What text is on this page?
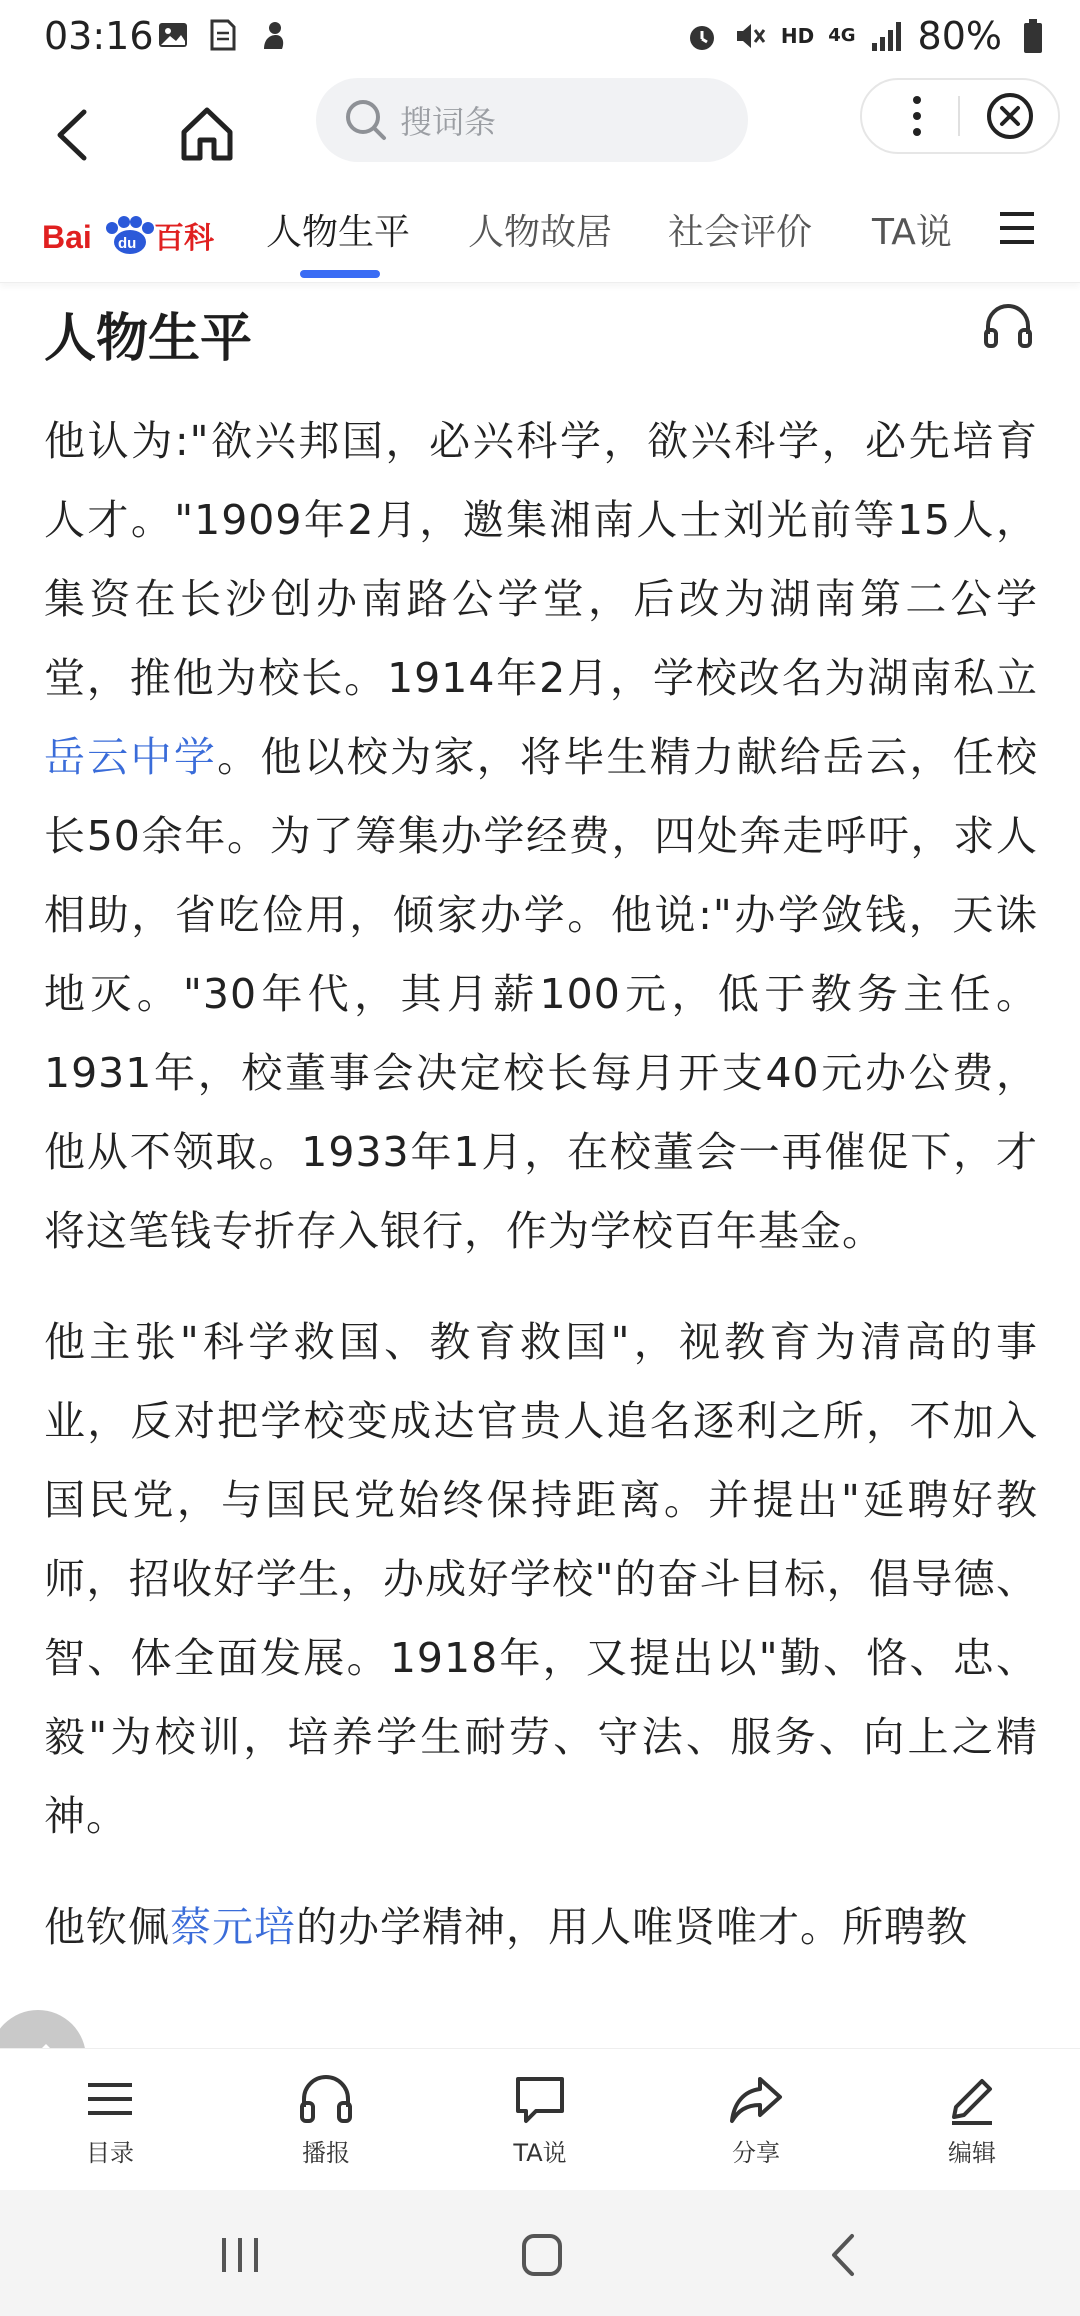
03:16	HD 4G 80%
搜词条
Bai du 百科 人物生平 人物故居 社会评价 TA说
人物生平

他认为:"欲兴邦国，必兴科学，欲兴科学，必先培育人才。"1909年2月，邀集湘南人士刘光前等15人，集资在长沙创办南路公学堂，后改为湖南第二公学堂，推他为校长。1914年2月，学校改名为湖南私立岳云中学。他以校为家，将毕生精力献给岳云，任校长50余年。为了筹集办学经费，四处奔走呼吁，求人相助，省吃俭用，倾家办学。他说:"办学敛钱，天诛地灭。"30年代，其月薪100元，低于教务主任。1931年，校董事会决定校长每月开支40元办公费，他从不领取。1933年1月，在校董会一再催促下，才将这笔钱专折存入银行，作为学校百年基金。

他主张"科学救国、教育救国"，视教育为清高的事业，反对把学校变成达官贵人追名逐利之所，不加入国民党，与国民党始终保持距离。并提出"延聘好教师，招收好学生，办成好学校"的奋斗目标，倡导德、智、体全面发展。1918年，又提出以"勤、恪、忠、毅"为校训，培养学生耐劳、守法、服务、向上之精神。

他钦佩蔡元培的办学精神，用人唯贤唯才。所聘教

目录	播报	TA说	分享	编辑
